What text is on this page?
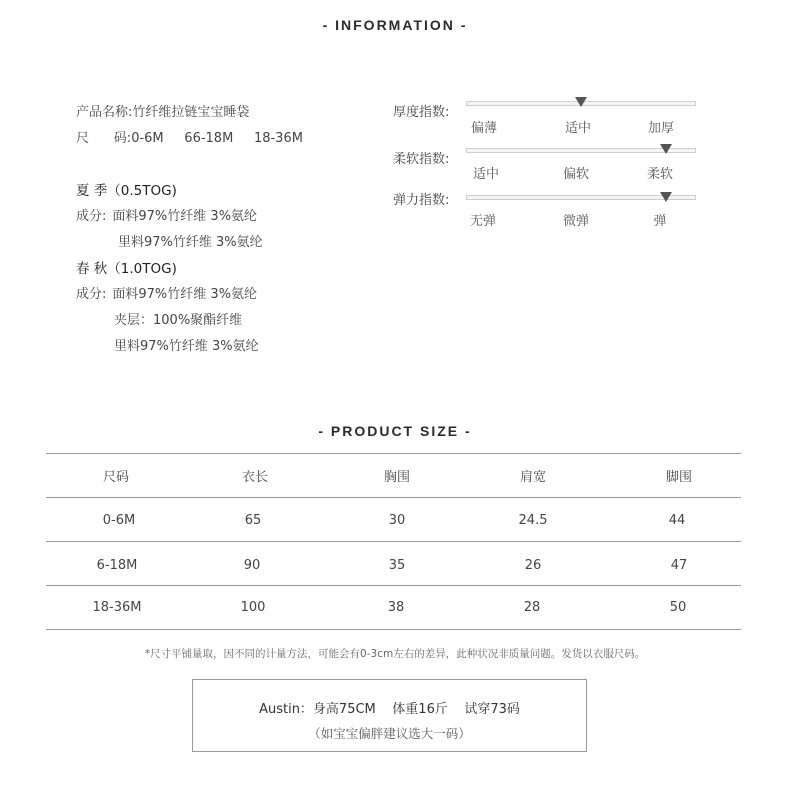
- INFORMATION -
产品名称:竹纤维拉链宝宝睡袋
尺      码:0-6M     66-18M     18-36M
夏 季（0.5TOG)
成分: 面料97%竹纤维 3%氨纶
里料97%竹纤维 3%氨纶
春 秋（1.0TOG)
成分: 面料97%竹纤维 3%氨纶
夹层：100%聚酯纤维
里料97%竹纤维 3%氨纶
厚度指数:
偏薄	适中	加厚
柔软指数:
适中	偏软	柔软
弹力指数:
无弹	微弹	弹
- PRODUCT SIZE -
尺码	衣长	胸围	肩宽	脚围
0-6M	65	30	24.5	44
6-18M	90	35	26	47
18-36M	100	38	28	50
*尺寸平铺量取，因不同的计量方法，可能会有0-3cm左右的差异，此种状况非质量问题。发货以衣服尺码。
Austin：身高75CM    体重16斤    试穿73码
（如宝宝偏胖建议选大一码）
